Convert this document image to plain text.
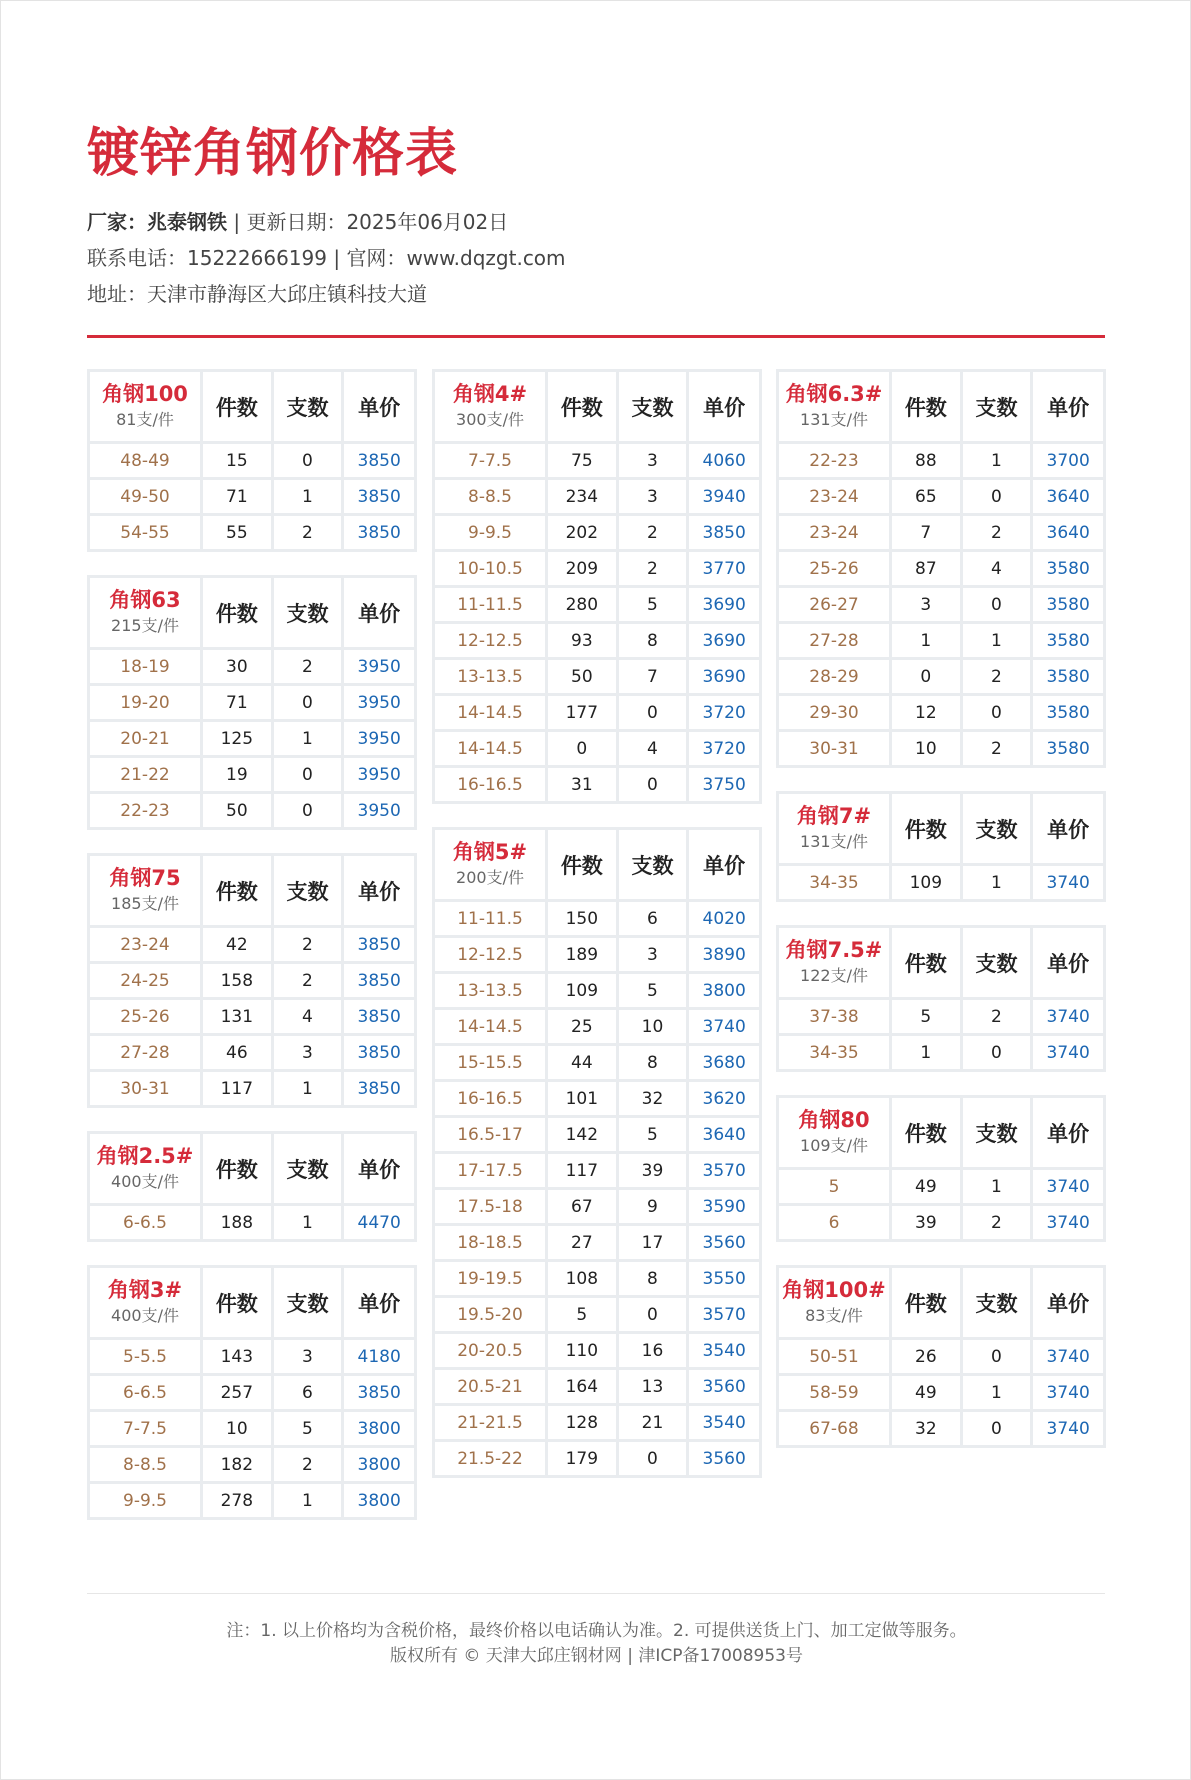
镀锌角钢价格表
厂家：兆泰钢铁 | 更新日期：2025年06月02日
联系电话：15222666199 | 官网：www.dqzgt.com
地址：天津市静海区大邱庄镇科技大道
角钢100
81支/件	件数	支数	单价
48-49	15	0	3850
49-50	71	1	3850
54-55	55	2	3850
角钢63
215支/件	件数	支数	单价
18-19	30	2	3950
19-20	71	0	3950
20-21	125	1	3950
21-22	19	0	3950
22-23	50	0	3950
角钢75
185支/件	件数	支数	单价
23-24	42	2	3850
24-25	158	2	3850
25-26	131	4	3850
27-28	46	3	3850
30-31	117	1	3850
角钢2.5#
400支/件	件数	支数	单价
6-6.5	188	1	4470
角钢3#
400支/件	件数	支数	单价
5-5.5	143	3	4180
6-6.5	257	6	3850
7-7.5	10	5	3800
8-8.5	182	2	3800
9-9.5	278	1	3800
角钢4#
300支/件	件数	支数	单价
7-7.5	75	3	4060
8-8.5	234	3	3940
9-9.5	202	2	3850
10-10.5	209	2	3770
11-11.5	280	5	3690
12-12.5	93	8	3690
13-13.5	50	7	3690
14-14.5	177	0	3720
14-14.5	0	4	3720
16-16.5	31	0	3750
角钢5#
200支/件	件数	支数	单价
11-11.5	150	6	4020
12-12.5	189	3	3890
13-13.5	109	5	3800
14-14.5	25	10	3740
15-15.5	44	8	3680
16-16.5	101	32	3620
16.5-17	142	5	3640
17-17.5	117	39	3570
17.5-18	67	9	3590
18-18.5	27	17	3560
19-19.5	108	8	3550
19.5-20	5	0	3570
20-20.5	110	16	3540
20.5-21	164	13	3560
21-21.5	128	21	3540
21.5-22	179	0	3560
角钢6.3#
131支/件	件数	支数	单价
22-23	88	1	3700
23-24	65	0	3640
23-24	7	2	3640
25-26	87	4	3580
26-27	3	0	3580
27-28	1	1	3580
28-29	0	2	3580
29-30	12	0	3580
30-31	10	2	3580
角钢7#
131支/件	件数	支数	单价
34-35	109	1	3740
角钢7.5#
122支/件	件数	支数	单价
37-38	5	2	3740
34-35	1	0	3740
角钢80
109支/件	件数	支数	单价
5	49	1	3740
6	39	2	3740
角钢100#
83支/件	件数	支数	单价
50-51	26	0	3740
58-59	49	1	3740
67-68	32	0	3740
注：1. 以上价格均为含税价格，最终价格以电话确认为准。2. 可提供送货上门、加工定做等服务。
版权所有 © 天津大邱庄钢材网 | 津ICP备17008953号
